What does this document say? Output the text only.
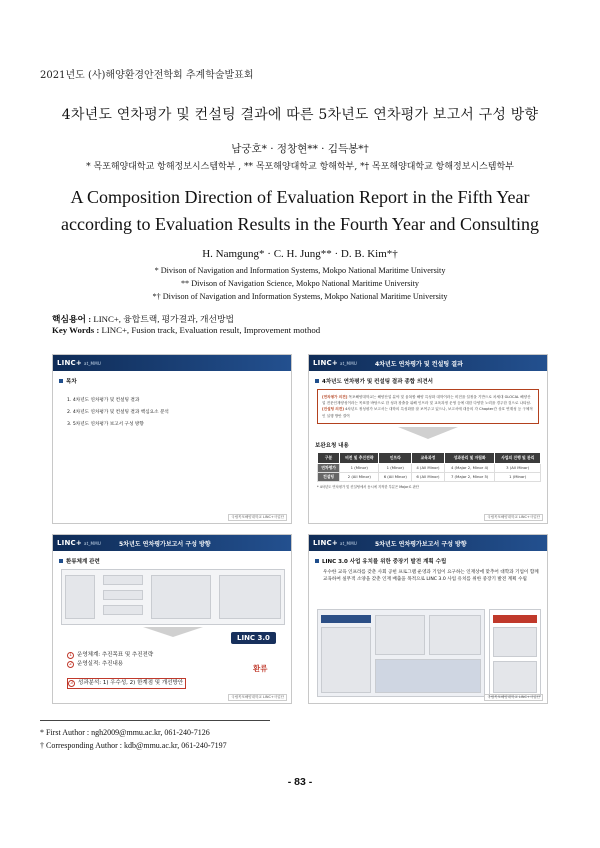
2021년도 (사)해양환경안전학회 추계학술발표회
4차년도 연차평가 및 컨설팅 결과에 따른 5차년도 연차평가 보고서 구성 방향
남궁호* · 정창현** · 김득봉*†
* 목포해양대학교 항해정보시스템학부 , ** 목포해양대학교 항해학부, *† 목포해양대학교 항해정보시스템학부
A Composition Direction of Evaluation Report in the Fifth Year
according to Evaluation Results in the Fourth Year and Consulting
H. Namgung* · C. H. Jung** · D. B. Kim*†
* Divison of Navigation and Information Systems, Mokpo National Maritime University
** Divison of Navigation Science, Mokpo National Maritime University
*† Divison of Navigation and Information Systems, Mokpo National Maritime University
핵심용어 : LINC+, 융합트랙, 평가결과, 개선방법
Key Words : LINC+, Fusion track, Evaluation result, Improvement mothod
LINC+ at_MMU
목차
1. 4차년도 연차평가 및 컨설팅 결과
2. 4차년도 연차평가 및 컨설팅 결과 핵심요소 분석
3. 5차년도 연차평가 보고서 구성 방향
국립목포해양대학교 LINC+사업단
LINC+ at_MMU	4차년도 연차평가 및 컨설팅 결과
4차년도 연차평가 및 컨설팅 결과 종합 의견서
[연차평가 의견] 목포해양대학교는 해양산업 분야 및 융복합 해양 특성화 대학이라는 비전을 설정을 기반으로 차세대 GLOCAL 해양산업 전문인재양성이라는 목표를 바탕으로 한 성과 창출을 위해 인프라 및 교육과정 운영 등에 대한 다양한 노력을 경주한 것으로 나타남.
[컨설팅 의견] 4차년도 정성평가 보고서는 대학의 특성화를 잘 보여주고 있으나, 보고서에 대응의 각 Chapter간 상호 연계성 등 구체적인 실행 방안 결여
보완요청 내용
구분	비전 및 추진전략	인프라	교육과정	성과관리 및 자립화	사업의 진행 및 관리
연차평가	1 (Minor)	1 (Minor)	4 (All Minor)	4 (Major 2, Minor 4)	3 (All Minor)
컨설팅	2 (All Minor)	6 (All Minor)	6 (All Minor)	7 (Major 2, Minor 5)	1 (Minor)
* 4차년도 연차평가 및 컨설팅에서 동시에 지적한 부분은 Major로 판단
국립목포해양대학교 LINC+사업단
LINC+ at_MMU	5차년도 연차평가보고서 구성 방향
환류체계 관련
LINC 3.0
1 운영체계: 추진목표 및 추진전략
2 운영실적: 추진내용
3 성과분석: 1) 우수성, 2) 한계점 및 개선방안
환류
국립목포해양대학교 LINC+사업단
LINC+ at_MMU	5차년도 연차평가보고서 구성 방향
LINC 3.0 사업 유치를 위한 중장기 발전 계획 수립
우수한 교육 인프라를 갖춘 사회 공헌 프로그램 운영과 기업이 요구하는 인재상에 맞추어 대학과 기업이 함께 교육하여 실무적 소양을 갖춘 인재 배출을 목적으로 LINC 3.0 사업 유치를 위한 중장기 발전 계획 수립
국립목포해양대학교 LINC+사업단
* First Author : ngh2009@mmu.ac.kr, 061-240-7126
† Corresponding Author : kdb@mmu.ac.kr, 061-240-7197
- 83 -
